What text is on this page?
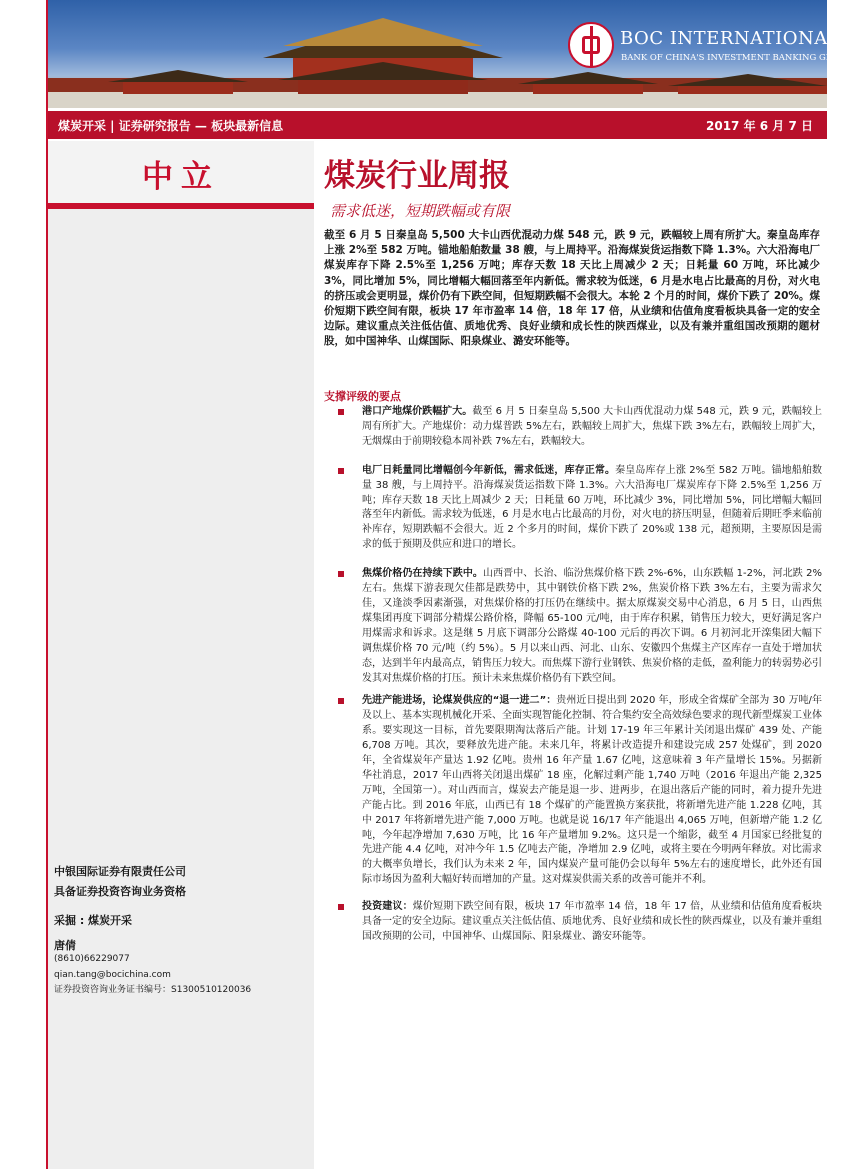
BOC INTERNATIONAL
BANK OF CHINA'S INVESTMENT BANKING GROUP
煤炭开采 | 证券研究报告 — 板块最新信息	2017 年 6 月 7 日
中立	煤炭行业周报
需求低迷，短期跌幅或有限

截至 6 月 5 日秦皇岛 5,500 大卡山西优混动力煤 548 元，跌 9 元，跌幅较上周有所扩大。秦皇岛库存上涨 2%至 582 万吨。锚地船舶数量 38 艘，与上周持平。沿海煤炭货运指数下降 1.3%。六大沿海电厂煤炭库存下降 2.5%至 1,256 万吨；库存天数 18 天比上周减少 2 天；日耗量 60 万吨，环比减少 3%，同比增加 5%，同比增幅大幅回落至年内新低。需求较为低迷，6 月是水电占比最高的月份，对火电的挤压或会更明显，煤价仍有下跌空间，但短期跌幅不会很大。本轮 2 个月的时间，煤价下跌了 20%。煤价短期下跌空间有限，板块 17 年市盈率 14 倍，18 年 17 倍，从业绩和估值角度看板块具备一定的安全边际。建议重点关注低估值、质地优秀、良好业绩和成长性的陕西煤业，以及有兼并重组国改预期的题材股，如中国神华、山煤国际、阳泉煤业、潞安环能等。

支撑评级的要点
港口产地煤价跌幅扩大。截至 6 月 5 日秦皇岛 5,500 大卡山西优混动力煤 548 元，跌 9 元，跌幅较上周有所扩大。产地煤价：动力煤普跌 5%左右，跌幅较上周扩大，焦煤下跌 3%左右，跌幅较上周扩大，无烟煤由于前期较稳本周补跌 7%左右，跌幅较大。
电厂日耗量同比增幅创今年新低，需求低迷，库存正常。秦皇岛库存上涨 2%至 582 万吨。锚地船舶数量 38 艘，与上周持平。沿海煤炭货运指数下降 1.3%。六大沿海电厂煤炭库存下降 2.5%至 1,256 万吨；库存天数 18 天比上周减少 2 天；日耗量 60 万吨，环比减少 3%，同比增加 5%，同比增幅大幅回落至年内新低。需求较为低迷，6 月是水电占比最高的月份，对火电的挤压明显，但随着后期旺季来临前补库存，短期跌幅不会很大。近 2 个多月的时间，煤价下跌了 20%或 138 元，超预期，主要原因是需求的低于预期及供应和进口的增长。
焦煤价格仍在持续下跌中。山西晋中、长治、临汾焦煤价格下跌 2%-6%，山东跌幅 1-2%，河北跌 2%左右。焦煤下游表现欠佳都是跌势中，其中钢铁价格下跌 2%，焦炭价格下跌 3%左右，主要为需求欠佳，又逢淡季因素渐强，对焦煤价格的打压仍在继续中。据太原煤炭交易中心消息，6 月 5 日，山西焦煤集团再度下调部分精煤公路价格，降幅 65-100 元/吨，由于库存积累，销售压力较大，更好满足客户用煤需求和诉求。这是继 5 月底下调部分公路煤 40-100 元后的再次下调。6 月初河北开滦集团大幅下调焦煤价格 70 元/吨（约 5%）。5 月以来山西、河北、山东、安徽四个焦煤主产区库存一直处于增加状态，达到半年内最高点，销售压力较大。而焦煤下游行业钢铁、焦炭价格的走低，盈利能力的转弱势必引发其对焦煤价格的打压。预计未来焦煤价格仍有下跌空间。
先进产能进场，论煤炭供应的“退一进二”：贵州近日提出到 2020 年，形成全省煤矿全部为 30 万吨/年及以上、基本实现机械化开采、全面实现智能化控制、符合集约安全高效绿色要求的现代新型煤炭工业体系。要实现这一目标，首先要限期淘汰落后产能。计划 17-19 年三年累计关闭退出煤矿 439 处、产能 6,708 万吨。其次，要释放先进产能。未来几年，将累计改造提升和建设完成 257 处煤矿，到 2020 年，全省煤炭年产量达 1.92 亿吨。贵州 16 年产量 1.67 亿吨，这意味着 3 年产量增长 15%。另据新华社消息，2017 年山西将关闭退出煤矿 18 座，化解过剩产能 1,740 万吨（2016 年退出产能 2,325 万吨，全国第一）。对山西而言，煤炭去产能是退一步、进两步，在退出落后产能的同时，着力提升先进产能占比。到 2016 年底，山西已有 18 个煤矿的产能置换方案获批，将新增先进产能 1.228 亿吨，其中 2017 年将新增先进产能 7,000 万吨。也就是说 16/17 年产能退出 4,065 万吨，但新增产能 1.2 亿吨，今年起净增加 7,630 万吨，比 16 年产量增加 9.2%。这只是一个缩影，截至 4 月国家已经批复的先进产能 4.4 亿吨，对冲今年 1.5 亿吨去产能，净增加 2.9 亿吨，或将主要在今明两年释放。对比需求的大概率负增长，我们认为未来 2 年，国内煤炭产量可能仍会以每年 5%左右的速度增长，此外还有国际市场因为盈利大幅好转而增加的产量。这对煤炭供需关系的改善可能并不利。
投资建议：煤价短期下跌空间有限，板块 17 年市盈率 14 倍，18 年 17 倍，从业绩和估值角度看板块具备一定的安全边际。建议重点关注低估值、质地优秀、良好业绩和成长性的陕西煤业，以及有兼并重组国改预期的公司，中国神华、山煤国际、阳泉煤业、潞安环能等。
中银国际证券有限责任公司
具备证券投资咨询业务资格
采掘 : 煤炭开采
唐倩
(8610)66229077
qian.tang@bocichina.com
证券投资咨询业务证书编号：S1300510120036
